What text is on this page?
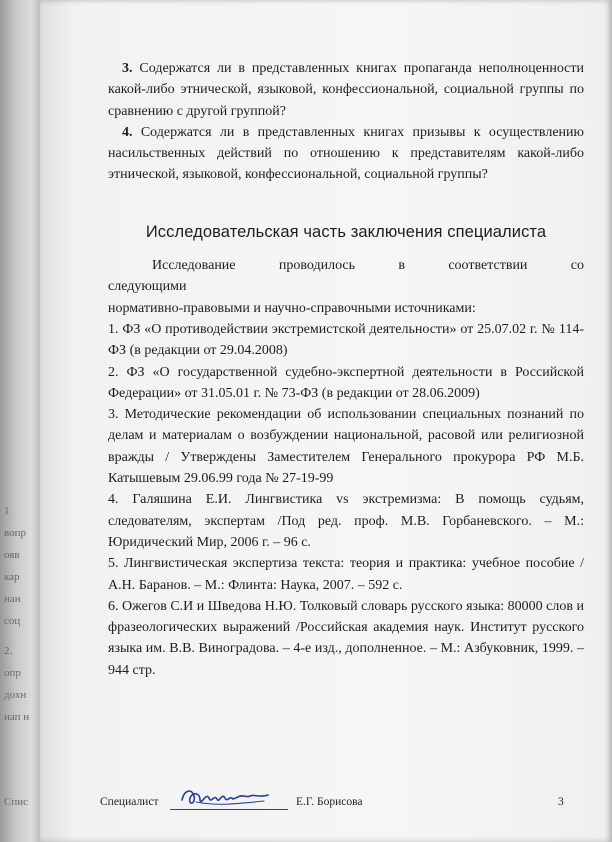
1
вопр
ояв
кар
нан
соц
2.
опр
дохн
нап н
Спис

3. Содержатся ли в представленных книгах пропаганда неполноценности какой-либо этнической, языковой, конфессиональной, социальной группы по сравнению с другой группой?

4. Содержатся ли в представленных книгах призывы к осуществлению насильственных действий по отношению к представителям какой-либо этнической, языковой, конфессиональной, социальной группы?

Исследовательская часть заключения специалиста

Исследование проводилось в соответствии со следующими

нормативно-правовыми и научно-справочными источниками:

1. ФЗ «О противодействии экстремистской деятельности» от 25.07.02 г. № 114-ФЗ (в редакции от 29.04.2008)

2. ФЗ «О государственной судебно-экспертной деятельности в Российской Федерации» от 31.05.01 г. № 73-ФЗ (в редакции от 28.06.2009)

3. Методические рекомендации об использовании специальных познаний по делам и материалам о возбуждении национальной, расовой или религиозной вражды / Утверждены Заместителем Генерального прокурора РФ М.Б. Катышевым 29.06.99 года № 27-19-99

4. Галяшина Е.И. Лингвистика vs экстремизма: В помощь судьям, следователям, экспертам /Под ред. проф. М.В. Горбаневского. – М.: Юридический Мир, 2006 г. – 96 с.

5. Лингвистическая экспертиза текста: теория и практика: учебное пособие / А.Н. Баранов. – М.: Флинта: Наука, 2007. – 592 с.

6. Ожегов С.И и Шведова Н.Ю. Толковый словарь русского языка: 80000 слов и фразеологических выражений /Российская академия наук. Институт русского языка им. В.В. Виноградова. – 4-е изд., дополненное. – М.: Азбуковник, 1999. – 944 стр.

Специалист	Е.Г. Борисова	3
